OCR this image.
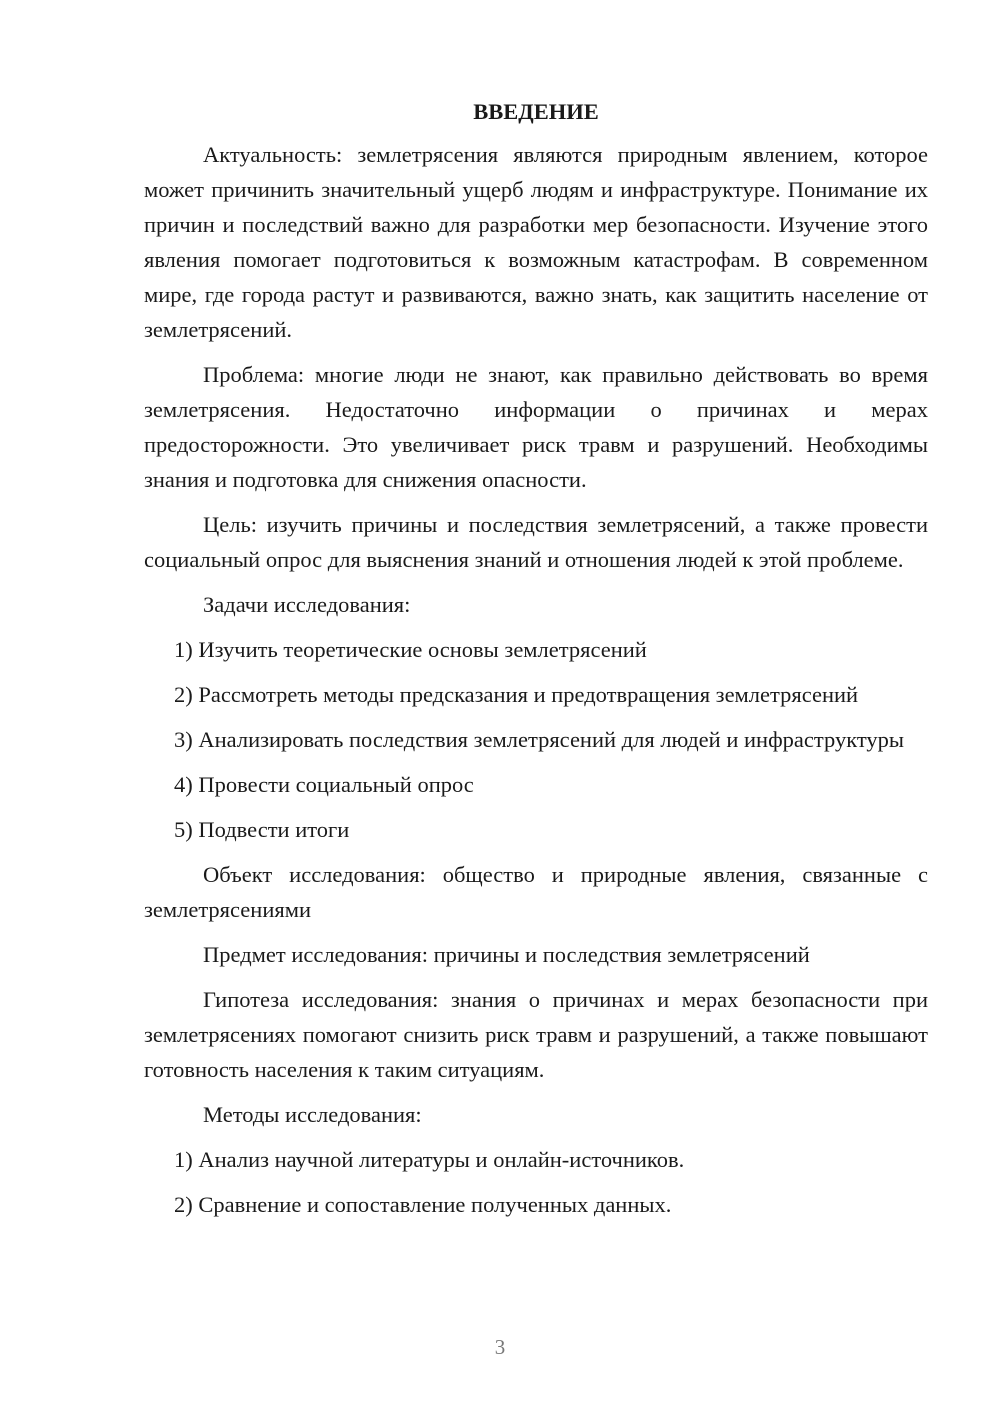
ВВЕДЕНИЕ

Актуальность: землетрясения являются природным явлением, которое может причинить значительный ущерб людям и инфраструктуре. Понимание их причин и последствий важно для разработки мер безопасности. Изучение этого явления помогает подготовиться к возможным катастрофам. В современном мире, где города растут и развиваются, важно знать, как защитить население от землетрясений.

Проблема: многие люди не знают, как правильно действовать во время землетрясения. Недостаточно информации о причинах и мерах предосторожности. Это увеличивает риск травм и разрушений. Необходимы знания и подготовка для снижения опасности.

Цель: изучить причины и последствия землетрясений, а также провести социальный опрос для выяснения знаний и отношения людей к этой проблеме.

Задачи исследования:

1) Изучить теоретические основы землетрясений

2) Рассмотреть методы предсказания и предотвращения землетрясений

3) Анализировать последствия землетрясений для людей и инфраструктуры

4) Провести социальный опрос

5) Подвести итоги

Объект исследования: общество и природные явления, связанные с землетрясениями

Предмет исследования: причины и последствия землетрясений

Гипотеза исследования: знания о причинах и мерах безопасности при землетрясениях помогают снизить риск травм и разрушений, а также повышают готовность населения к таким ситуациям.

Методы исследования:

1) Анализ научной литературы и онлайн-источников.

2) Сравнение и сопоставление полученных данных.

3
